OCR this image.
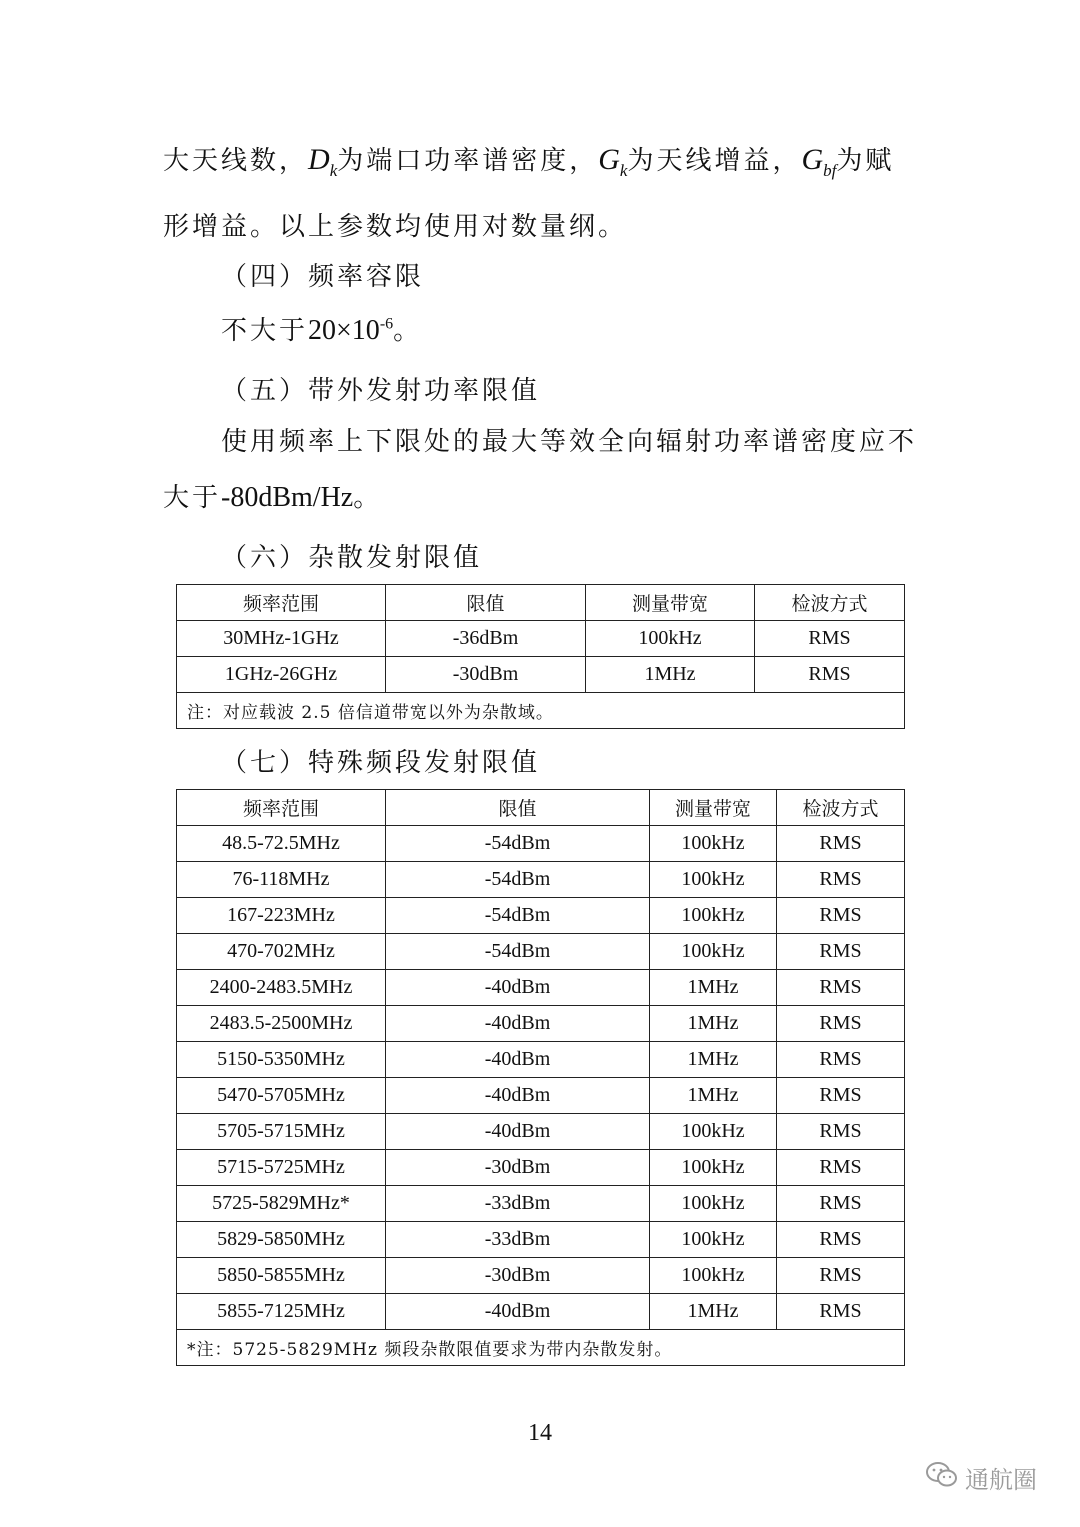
大天线数，$D_k$为端口功率谱密度，$G_k$为天线增益，$G_{bf}$为赋形增益。以上参数均使用对数量纲。

（四）频率容限

不大于$20\times 10^{-6}$。

（五）带外发射功率限值

使用频率上下限处的最大等效全向辐射功率谱密度应不大于-80dBm/Hz。

（六）杂散发射限值
频率范围	限值	测量带宽	检波方式
30MHz-1GHz	-36dBm	100kHz	RMS
1GHz-26GHz	-30dBm	1MHz	RMS
注：对应载波 2.5 倍信道带宽以外为杂散域。			
（七）特殊频段发射限值
频率范围	限值	测量带宽	检波方式
48.5-72.5MHz	-54dBm	100kHz	RMS
76-118MHz	-54dBm	100kHz	RMS
167-223MHz	-54dBm	100kHz	RMS
470-702MHz	-54dBm	100kHz	RMS
2400-2483.5MHz	-40dBm	1MHz	RMS
2483.5-2500MHz	-40dBm	1MHz	RMS
5150-5350MHz	-40dBm	1MHz	RMS
5470-5705MHz	-40dBm	1MHz	RMS
5705-5715MHz	-40dBm	100kHz	RMS
5715-5725MHz	-30dBm	100kHz	RMS
5725-5829MHz*	-33dBm	100kHz	RMS
5829-5850MHz	-33dBm	100kHz	RMS
5850-5855MHz	-30dBm	100kHz	RMS
5855-7125MHz	-40dBm	1MHz	RMS
*注：5725-5829MHz 频段杂散限值要求为带内杂散发射。			
14
通航圈
